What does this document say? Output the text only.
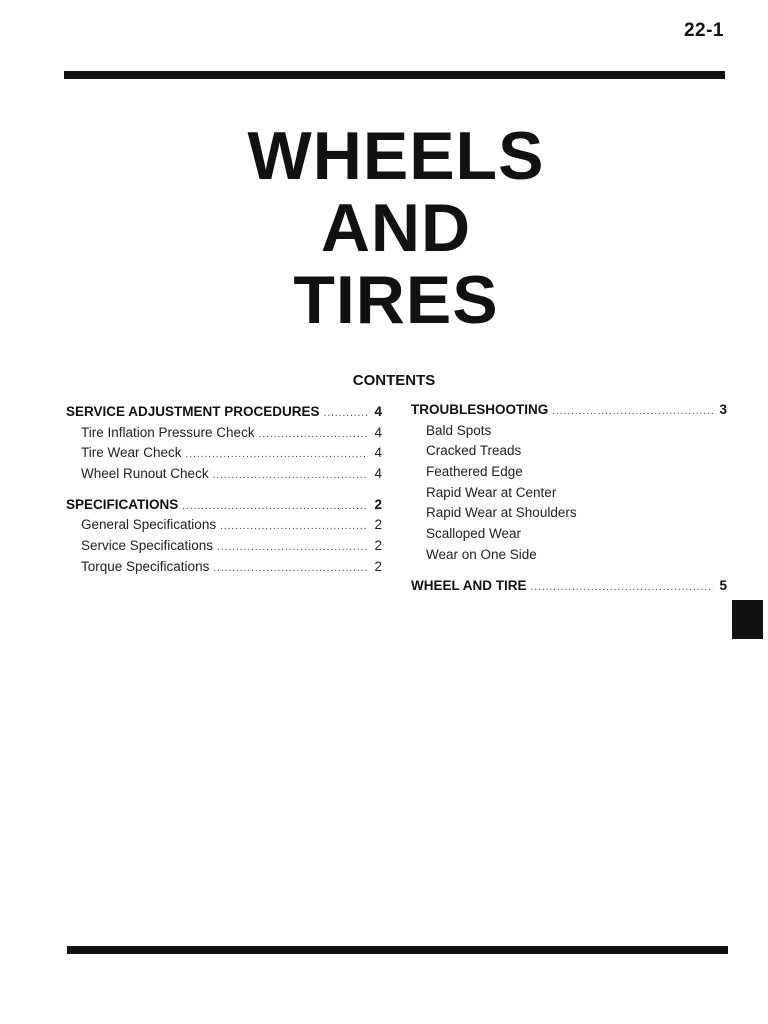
22-1
WHEELS
AND
TIRES
CONTENTS
SERVICE ADJUSTMENT PROCEDURES .....	4
Tire Inflation Pressure Check .....	4
Tire Wear Check .....	4
Wheel Runout Check .....	4
SPECIFICATIONS .....	2
General Specifications .....	2
Service Specifications .....	2
Torque Specifications .....	2
TROUBLESHOOTING .....	3
Bald Spots
Cracked Treads
Feathered Edge
Rapid Wear at Center
Rapid Wear at Shoulders
Scalloped Wear
Wear on One Side
WHEEL AND TIRE .....	5
